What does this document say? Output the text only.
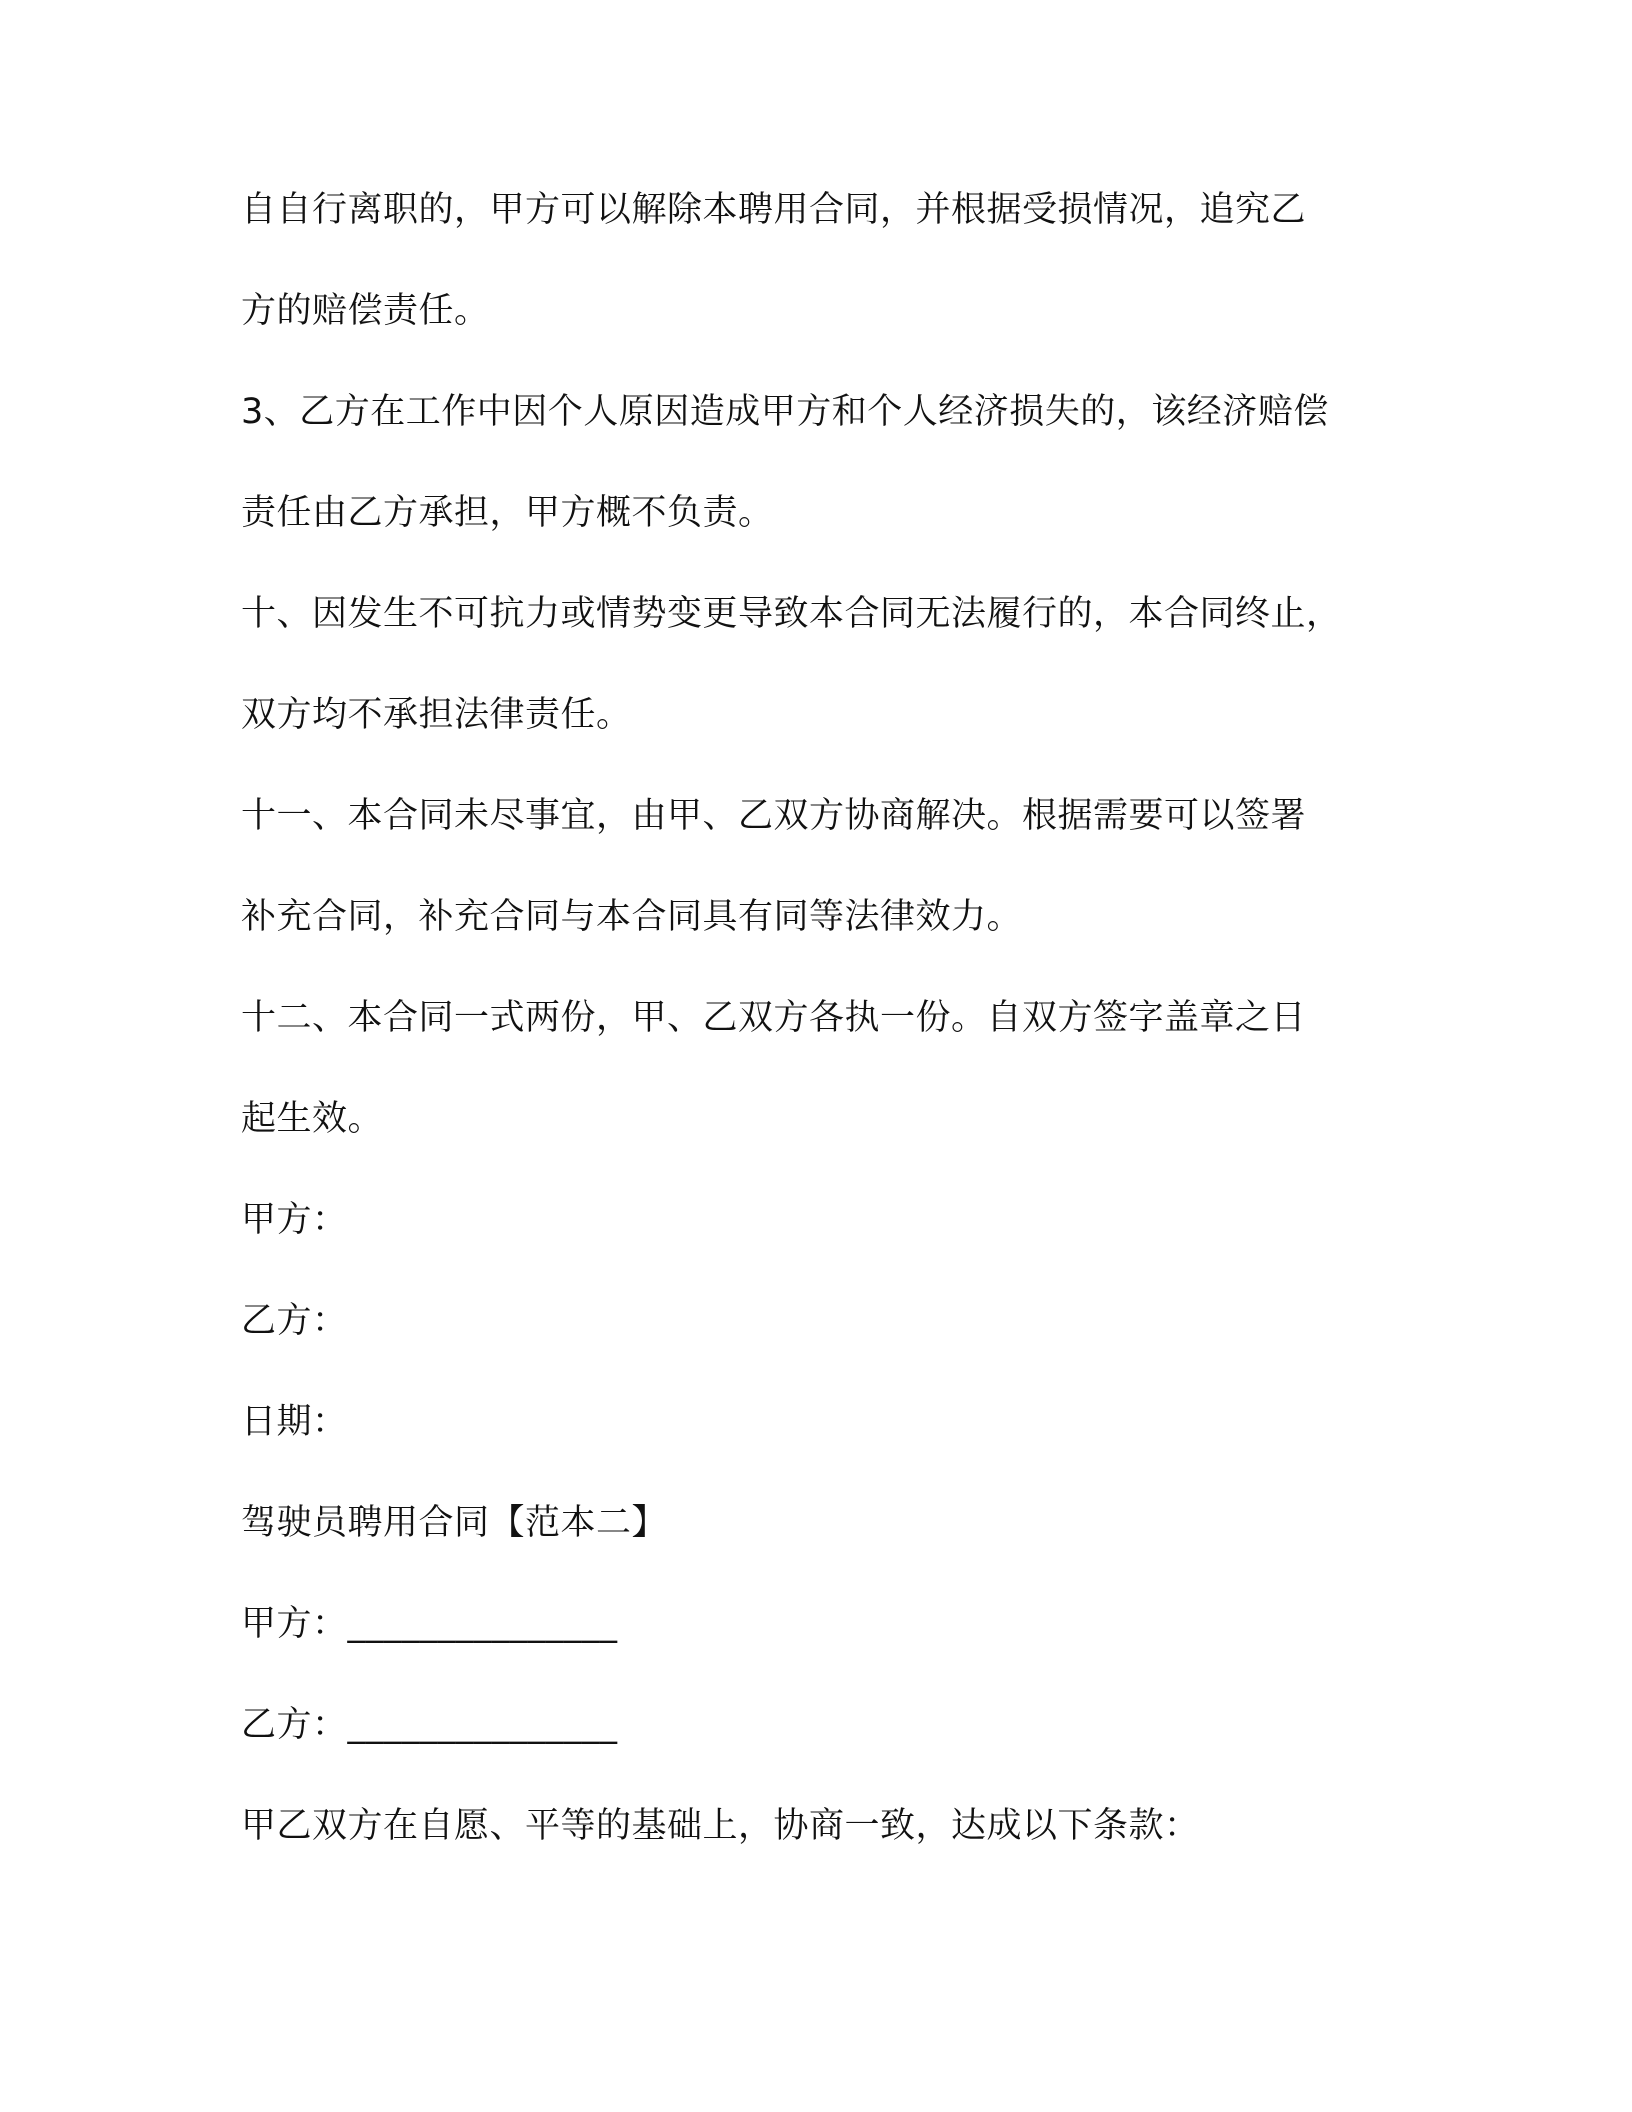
自自行离职的，甲方可以解除本聘用合同，并根据受损情况，追究乙

方的赔偿责任。

3、乙方在工作中因个人原因造成甲方和个人经济损失的，该经济赔偿

责任由乙方承担，甲方概不负责。

十、因发生不可抗力或情势变更导致本合同无法履行的，本合同终止，

双方均不承担法律责任。

十一、本合同未尽事宜，由甲、乙双方协商解决。根据需要可以签署

补充合同，补充合同与本合同具有同等法律效力。

十二、本合同一式两份，甲、乙双方各执一份。自双方签字盖章之日

起生效。

甲方：

乙方：

日期：

驾驶员聘用合同【范本二】

甲方：_______________

乙方：_______________

甲乙双方在自愿、平等的基础上，协商一致，达成以下条款：
